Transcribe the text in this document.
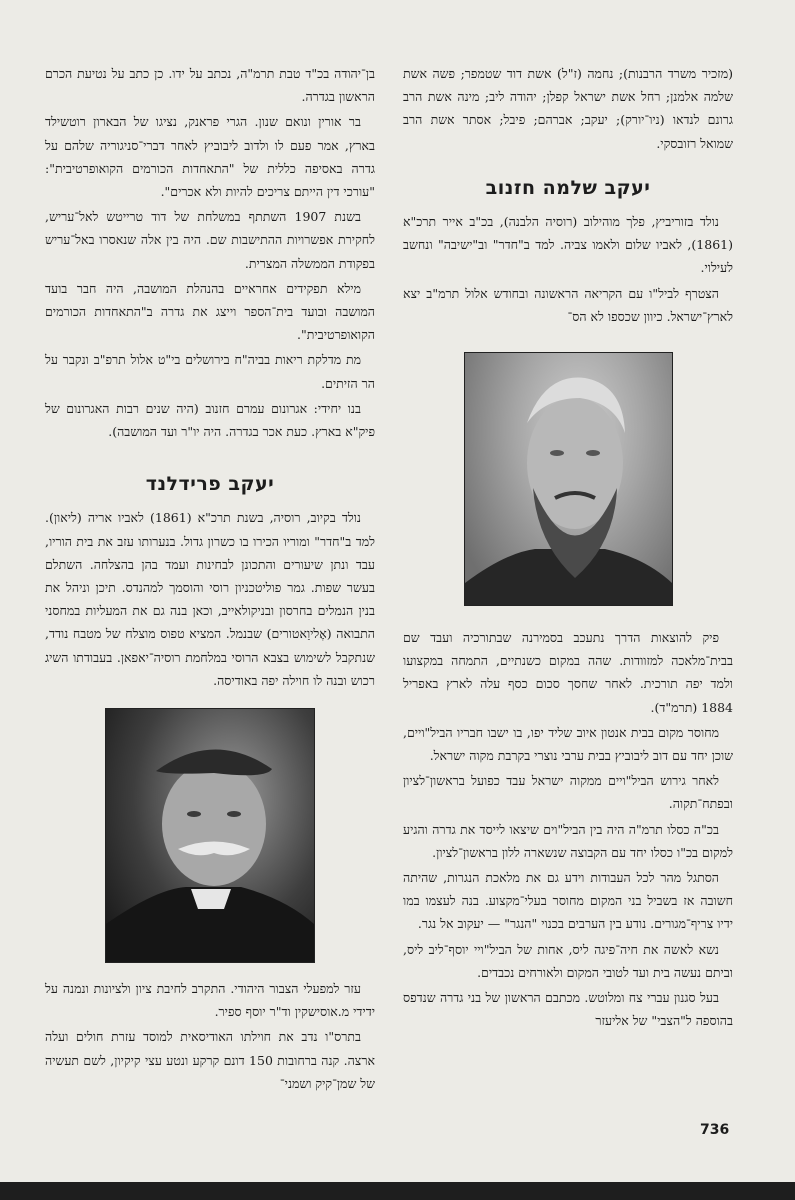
(מזכיר משרד הרבנות); נחמה (ז"ל) אשת דוד שטמפר; פשה אשת שלמה אלמנן; רחל אשת ישראל קפלן; יהודה ליב; מינה אשת הרב גרונם לנדאו (ניו־יורק); יעקב; אברהם; פיבל; אסתר אשת הרב שמואל רזובסקי.

יעקב שלמה חזנוב

נולד בזוריביץ, פלך מוהילוב (רוסיה הלבנה), בכ"ב אייר תרכ"א (1861), לאביו שלום ולאמו צביה. למד ב"חדר" וב"ישיבה" ונחשב לעילוי.

הצטרף לביל"ו עם הקריאה הראשונה ובחודש אלול תרמ"ב יצא לארץ־ישראל. כיוון שכספו לא הס־

פיק להוצאות הדרך נתעכב בסמירנה שבתורכיה ועבד שם בבית־מלאכה למזוודות. שהה במקום כשנתיים, התמחה במקצועו ולמד יפה תורכית. לאחר שחסך סכום כסף עלה לארץ באפריל 1884 (תרמ"ד).

מחוסר מקום בבית אנטון איוב שליד יפו, בו ישבו חבריו הביל"ויים, שוכן יחד עם דוב ליבוביץ בבית ערבי נוצרי בקרבת מקוה ישראל.

לאחר גירוש הביל"ויים ממקוה ישראל עבד כפועל בראשון־לציון ובפתח־תקוה.

בכ"ה כסלו תרמ"ה היה בין הביל"וים שיצאו לייסד את גדרה והגיע למקום בכ"ו כסלו יחד עם הקבוצה שנשארה ללון בראשון־לציון.

הסתגל מהר לכל העבודות וידע גם את מלאכת הנגרות, שהיתה חשובה אז בשביל בני המקום מחוסר בעלי־מקצוע. בנה לעצמו במו ידיו צריף־מגורים. נודע בין הערבים בכנוי "הנגר" — יעקוב אל נגר.

נשא לאשה את חיה־פיגה ליס, אחות של הביל"ויי יוסף־ליב ליס, וביתם נעשה בית ועד לטובי המקום ולאורחים נכבדים.

בעל סגנון עברי צח ומלוטש. מכתבם הראשון של בני גדרה שנדפס בהוספה ל"הצבי" של אליעזר

בן־יהודה בכ"ד טבת תרמ"ה, נכתב על ידו. כן כתב על נטיעת הכרם הראשון בגדרה.

בר אורין ונואם שנון. הגרי פראנק, נציגו של הבארון רוטשילד בארץ, אמר פעם לו ולדוב ליבוביץ לאחר דברי־סניגוריה שלהם על גדרה באסיפה כללית של "התאחדות הכורמים הקואופרטיבית": "עורכי דין הייתם צריכים להיות ולא אכרים".

בשנת 1907 השתתף במשלחת של דוד טרייטש לאל־עריש, לחקירת אפשרויות ההתישבות שם. היה בין אלה שנאסרו באל־עריש בפקודת הממשלה המצרית.

מילא תפקידים אחראיים בהנהלת המושבה, היה חבר בועד המושבה ובועד בית־הספר וייצג את גדרה ב"התאחדות הכורמים הקואופרטיבית".

מת מדלקת ריאות בביה"ח בירושלים בי"ט אלול תרפ"ב ונקבר על הר הזיתים.

בנו יחידי: אגרונום עמרם חזנוב (היה שנים רבות האגרונום של פיק"א בארץ. כעת אכר בגדרה. היה יו"ר ועד המושבה).

יעקב פרידלנד

נולד בקיוב, רוסיה, בשנת תרכ"א (1861) לאביו אריה (ליאון). למד ב"חדר" ומוריו הכירו בו כשרון גדול. בנערותו עזב את בית הוריו, עבד ונתן שיעורים והתכונן לבחינות ועמד בהן בהצלחה. השתלם בעשר שפות. גמר פוליטכניון רוסי והוסמך למהנדס. תיכן וניהל את בנין הנמלים בחרסון ובניקולאייב, וכאן בנה גם את המעליות במחסני התבואה (אֶליוַאטורים) שבנמל. המציא טפוס מוצלח של מטבח נודד, שנתקבל לשימוש בצבא הרוסי במלחמת רוסיה־יאפאן. בעבודתו השיג רכוש ובנה לו חוילה יפה באודיסה.

עזר למפעלי הצבור היהודי. התקרב לחיבת ציון ולציונות ונמנה על ידידי מ.אוסישקין וד"ר יוסף ספיר.

בתרס"ו נדב את חוילתו האודיסאית למוסד עזרת חולים ועלה ארצה. קנה ברחובות 150 דונם קרקע ונטע עצי קיקיון, לשם תעשיה של שמן־קיק ושמני־

736
